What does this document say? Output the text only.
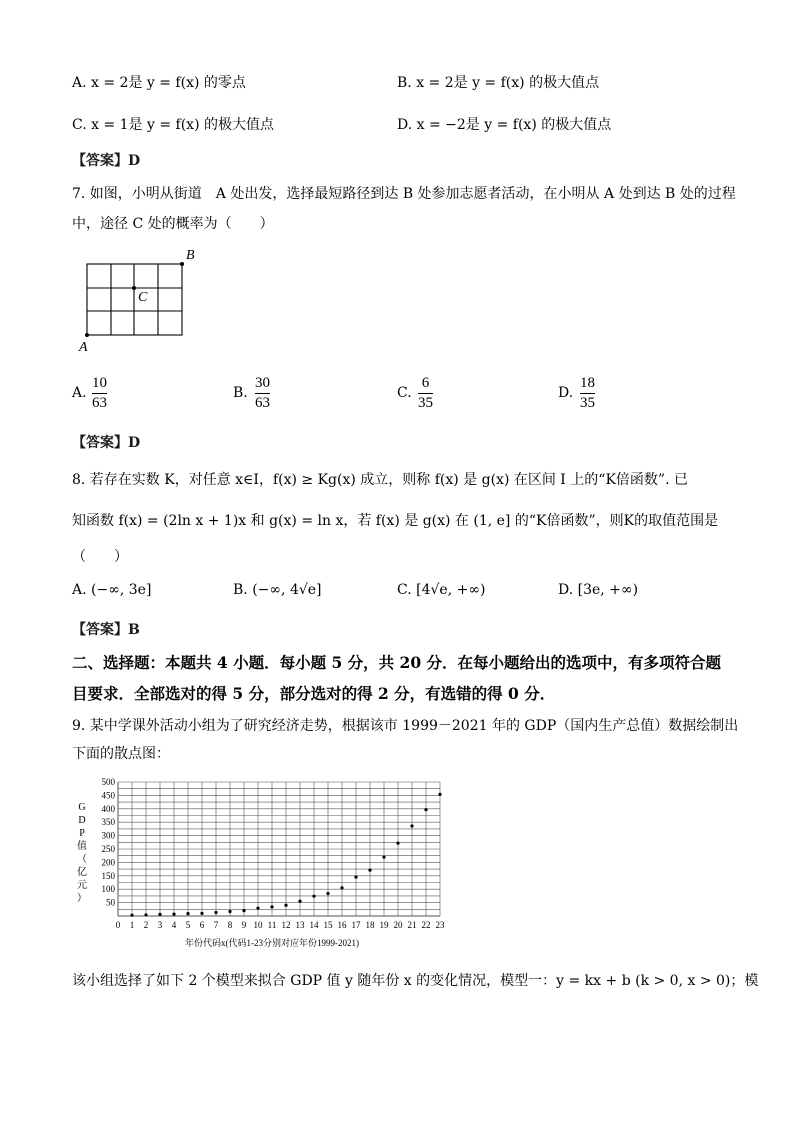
A. x = 2是 y = f(x) 的零点	B. x = 2是 y = f(x) 的极大值点
C. x = 1是 y = f(x) 的极大值点	D. x = −2是 y = f(x) 的极大值点
【答案】D
7. 如图，小明从街道　A 处出发，选择最短路径到达 B 处参加志愿者活动，在小明从 A 处到达 B 处的过程
中，途径 C 处的概率为（　　）
A
B
C
A.
10
63
B.
30
63
C.
6
35
D.
18
35
【答案】D
8. 若存在实数 K，对任意 x∈I，f(x) ≥ Kg(x) 成立，则称 f(x) 是 g(x) 在区间 I 上的“K倍函数”. 已
知函数 f(x) = (2ln x + 1)x 和 g(x) = ln x，若 f(x) 是 g(x) 在 (1, e] 的“K倍函数”，则K的取值范围是
（　　）
A. (−∞, 3e]	B. (−∞, 4√e]	C. [4√e, +∞)	D. [3e, +∞)
【答案】B
二、选择题：本题共 4 小题．每小题 5 分，共 20 分．在每小题给出的选项中，有多项符合题
目要求．全部选对的得 5 分，部分选对的得 2 分，有选错的得 0 分．
9. 某中学课外活动小组为了研究经济走势，根据该市 1999－2021 年的 GDP（国内生产总值）数据绘制出
下面的散点图：
50
100
150
200
250
300
350
400
450
500
0 1 2 3 4 5 6 7 8 9 10 11 12 13 14 15 16 17 18 19 20 21 22 23
G
D
P
值
（
亿
元
）
年份代码x(代码1-23分别对应年份1999-2021)
该小组选择了如下 2 个模型来拟合 GDP 值 y 随年份 x 的变化情况，模型一：y = kx + b (k > 0, x > 0)；模
